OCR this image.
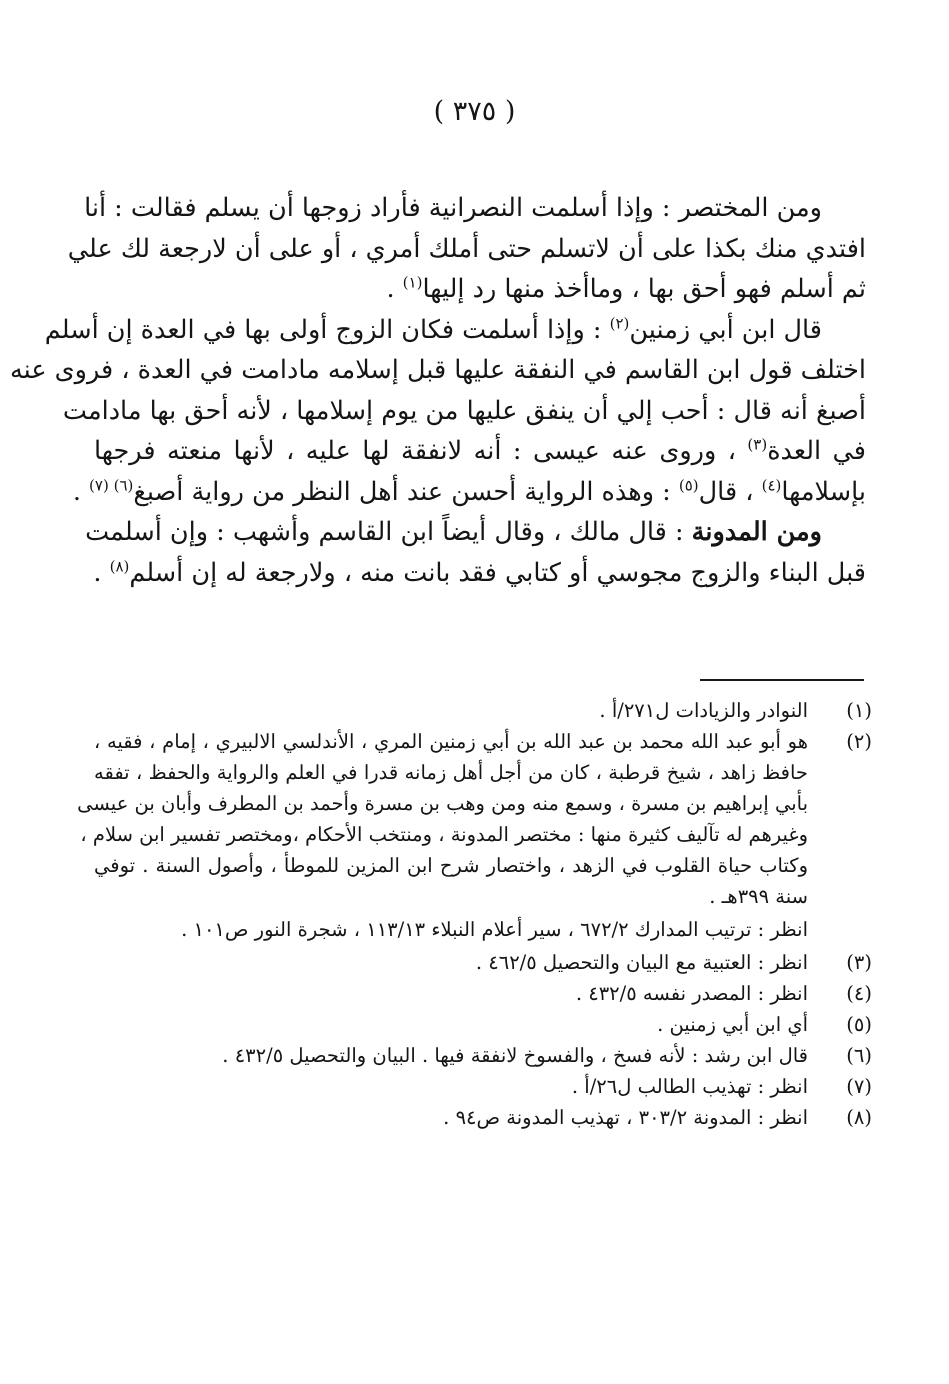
( ٣٧٥ )
ومن المختصر : وإذا أسلمت النصرانية فأراد زوجها أن يسلم فقالت : أنا
افتدي منك بكذا على أن لاتسلم حتى أملك أمري ، أو على أن لارجعة لك علي
ثم أسلم فهو أحق بها ، وماأخذ منها رد إليها$^{(١)}$ .
قال ابن أبي زمنين$^{(٢)}$ : وإذا أسلمت فكان الزوج أولى بها في العدة إن أسلم
اختلف قول ابن القاسم في النفقة عليها قبل إسلامه مادامت في العدة ، فروى عنه
أصبغ أنه قال : أحب إلي أن ينفق عليها من يوم إسلامها ، لأنه أحق بها مادامت
في العدة$^{(٣)}$ ، وروى عنه عيسى : أنه لانفقة لها عليه ، لأنها منعته فرجها
بإسلامها$^{(٤)}$ ، قال$^{(٥)}$ : وهذه الرواية أحسن عند أهل النظر من رواية أصبغ$^{(٦) (٧)}$ .
ومن المدونة : قال مالك ، وقال أيضاً ابن القاسم وأشهب : وإن أسلمت
قبل البناء والزوج مجوسي أو كتابي فقد بانت منه ، ولارجعة له إن أسلم$^{(٨)}$ .
(١)
النوادر والزيادات ل٢٧١/أ .
(٢)
هو أبو عبد الله محمد بن عبد الله بن أبي زمنين المري ، الأندلسي الالبيري ، إمام ، فقيه ،
حافظ زاهد ، شيخ قرطبة ، كان من أجل أهل زمانه قدرا في العلم والرواية والحفظ ، تفقه
بأبي إبراهيم بن مسرة ، وسمع منه ومن وهب بن مسرة وأحمد بن المطرف وأبان بن عيسى
وغيرهم له تآليف كثيرة منها : مختصر المدونة ، ومنتخب الأحكام ،ومختصر تفسير ابن سلام ،
وكتاب حياة القلوب في الزهد ، واختصار شرح ابن المزين للموطأ ، وأصول السنة . توفي
سنة ٣٩٩هـ .
انظر : ترتيب المدارك ٦٧٢/٢ ، سير أعلام النبلاء ١١٣/١٣ ، شجرة النور ص١٠١ .
(٣)
انظر : العتبية مع البيان والتحصيل ٤٦٢/٥ .
(٤)
انظر : المصدر نفسه ٤٣٢/٥ .
(٥)
أي ابن أبي زمنين .
(٦)
قال ابن رشد : لأنه فسخ ، والفسوخ لانفقة فيها . البيان والتحصيل ٤٣٢/٥ .
(٧)
انظر : تهذيب الطالب ل٢٦/أ .
(٨)
انظر : المدونة ٣٠٣/٢ ، تهذيب المدونة ص٩٤ .
